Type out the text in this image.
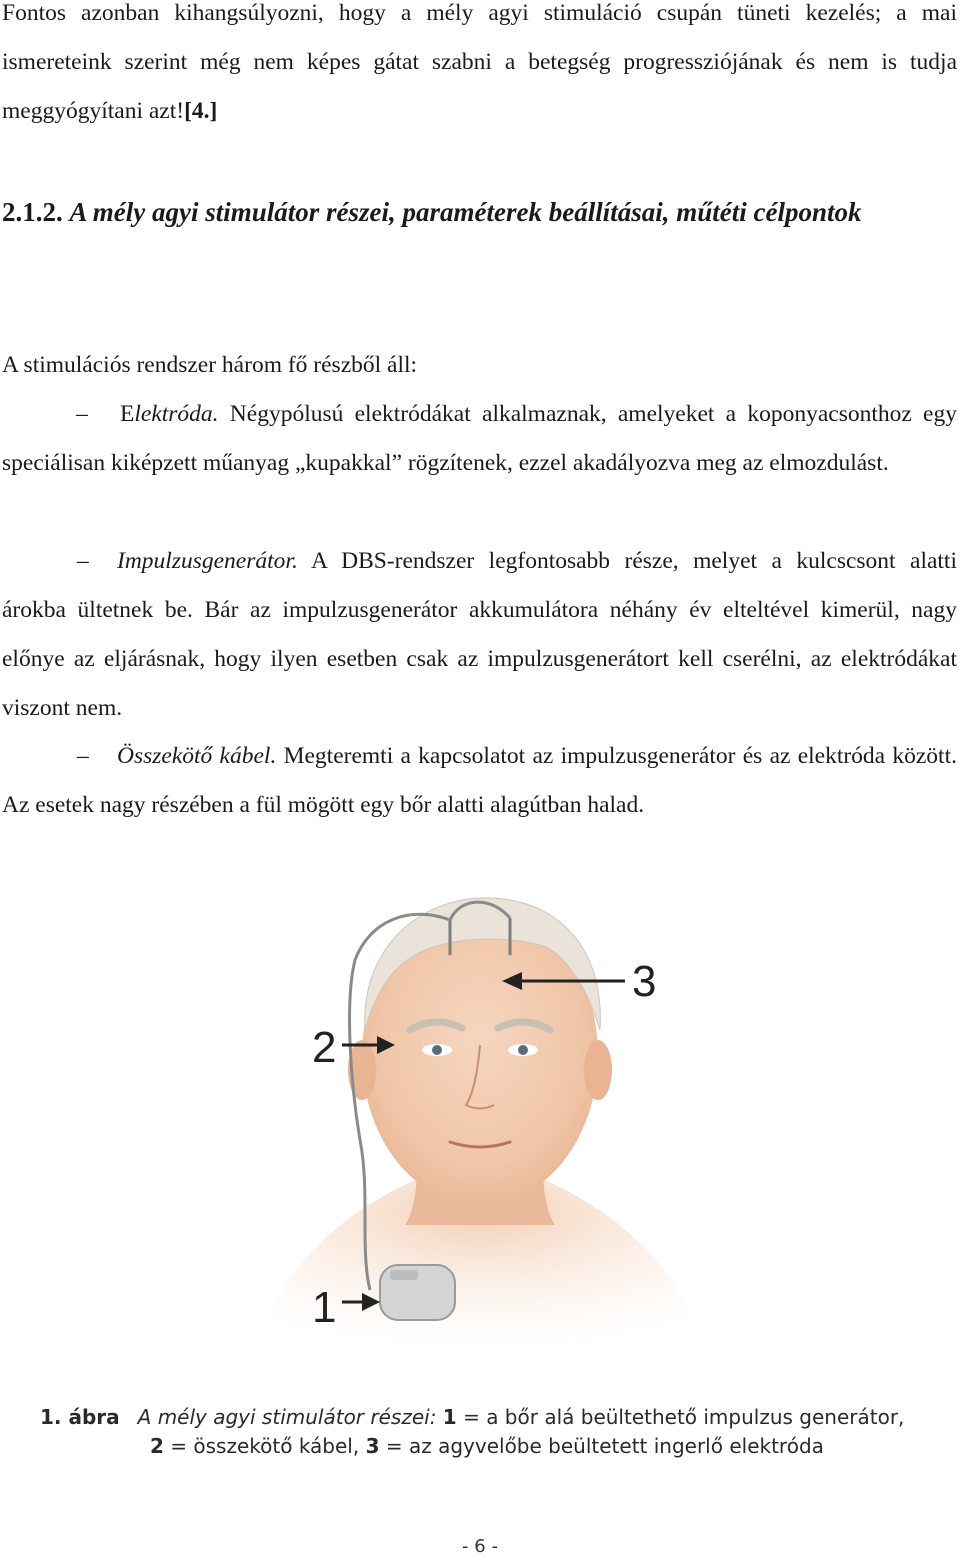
Fontos azonban kihangsúlyozni, hogy a mély agyi stimuláció csupán tüneti kezelés; a mai ismereteink szerint még nem képes gátat szabni a betegség progressziójának és nem is tudja meggyógyítani azt![4.]

2.1.2. A mély agyi stimulátor részei, paraméterek beállításai, műtéti célpontok

A stimulációs rendszer három fő részből áll:

– Elektróda. Négypólusú elektródákat alkalmaznak, amelyeket a koponyacsonthoz egy speciálisan kiképzett műanyag „kupakkal” rögzítenek, ezzel akadályozva meg az elmozdulást.

– Impulzusgenerátor. A DBS-rendszer legfontosabb része, melyet a kulcscsont alatti árokba ültetnek be. Bár az impulzusgenerátor akkumulátora néhány év elteltével kimerül, nagy előnye az eljárásnak, hogy ilyen esetben csak az impulzusgenerátort kell cserélni, az elektródákat viszont nem.

– Összekötő kábel. Megteremti a kapcsolatot az impulzusgenerátor és az elektróda között. Az esetek nagy részében a fül mögött egy bőr alatti alagútban halad.

3
2
1
1. ábra A mély agyi stimulátor részei: 1 = a bőr alá beültethető impulzus generátor,
2 = összekötő kábel, 3 = az agyvelőbe beültetett ingerlő elektróda
- 6 -
